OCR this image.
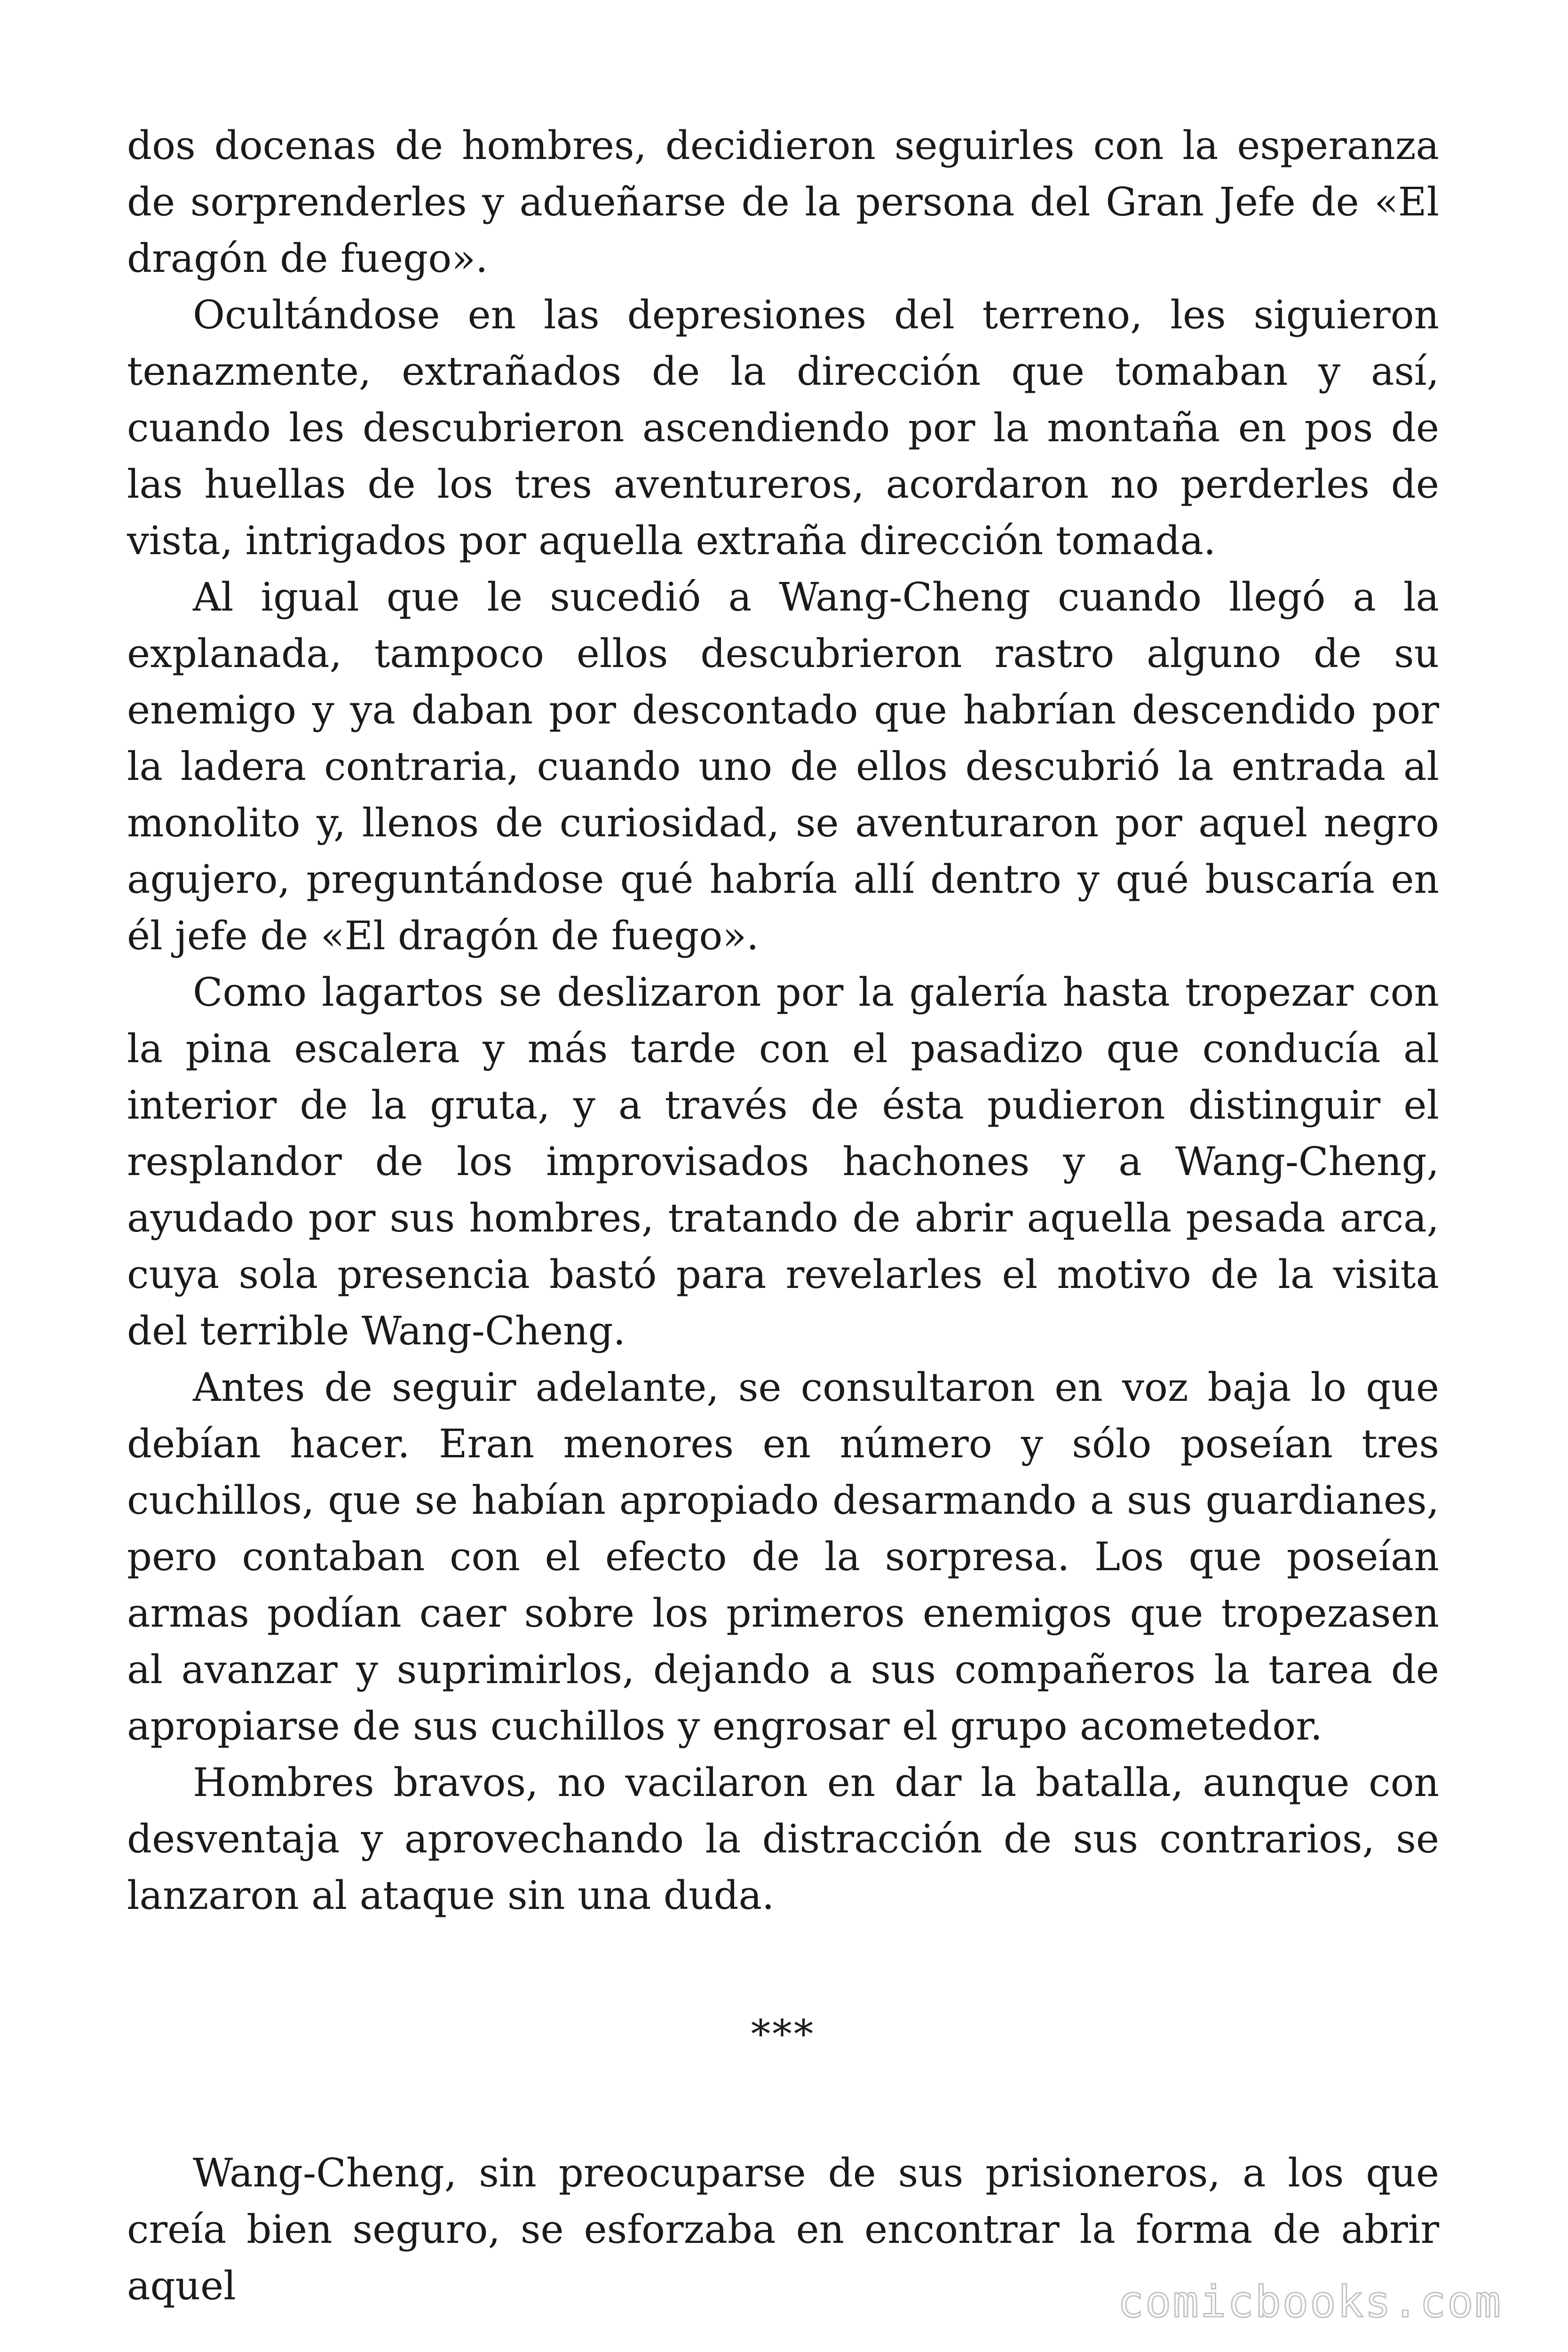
dos docenas de hombres, decidieron seguirles con la esperanza de sorprenderles y adueñarse de la persona del Gran Jefe de «El dragón de fuego».

Ocultándose en las depresiones del terreno, les siguieron tenazmente, extrañados de la dirección que tomaban y así, cuando les descubrieron ascendiendo por la montaña en pos de las huellas de los tres aventureros, acordaron no perderles de vista, intrigados por aquella extraña dirección tomada.

Al igual que le sucedió a Wang-Cheng cuando llegó a la explanada, tampoco ellos descubrieron rastro alguno de su enemigo y ya daban por descontado que habrían descendido por la ladera contraria, cuando uno de ellos descubrió la entrada al monolito y, llenos de curiosidad, se aventuraron por aquel negro agujero, preguntándose qué habría allí dentro y qué buscaría en él jefe de «El dragón de fuego».

Como lagartos se deslizaron por la galería hasta tropezar con la pina escalera y más tarde con el pasadizo que conducía al interior de la gruta, y a través de ésta pudieron distinguir el resplandor de los improvisados hachones y a Wang-Cheng, ayudado por sus hombres, tratando de abrir aquella pesada arca, cuya sola presencia bastó para revelarles el motivo de la visita del terrible Wang-Cheng.

Antes de seguir adelante, se consultaron en voz baja lo que debían hacer. Eran menores en número y sólo poseían tres cuchillos, que se habían apropiado desarmando a sus guardianes, pero contaban con el efecto de la sorpresa. Los que poseían armas podían caer sobre los primeros enemigos que tropezasen al avanzar y suprimirlos, dejando a sus compañeros la tarea de apropiarse de sus cuchillos y engrosar el grupo acometedor.

Hombres bravos, no vacilaron en dar la batalla, aunque con desventaja y aprovechando la distracción de sus contrarios, se lanzaron al ataque sin una duda.

***

Wang-Cheng, sin preocuparse de sus prisioneros, a los que creía bien seguro, se esforzaba en encontrar la forma de abrir aquel	comicbooks.com
